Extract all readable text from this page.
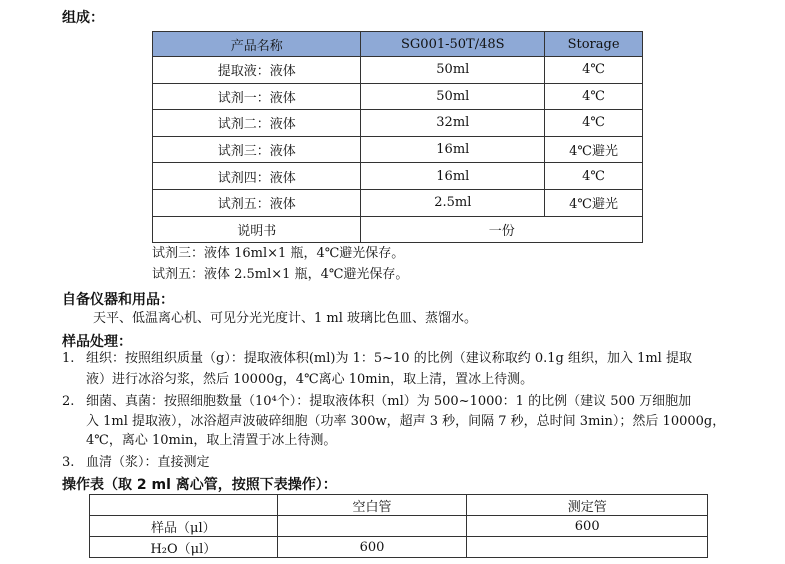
组成：
产品名称	SG001-50T/48S	Storage
提取液：液体	50ml	4℃
试剂一：液体	50ml	4℃
试剂二：液体	32ml	4℃
试剂三：液体	16ml	4℃避光
试剂四：液体	16ml	4℃
试剂五：液体	2.5ml	4℃避光
说明书	一份	
试剂三：液体 16ml×1 瓶，4℃避光保存。
试剂五：液体 2.5ml×1 瓶，4℃避光保存。
自备仪器和用品：
天平、低温离心机、可见分光光度计、1 ml 玻璃比色皿、蒸馏水。
样品处理：
1. 组织：按照组织质量（g）：提取液体积(ml)为 1：5~10 的比例（建议称取约 0.1g 组织，加入 1ml 提取
液）进行冰浴匀浆，然后 10000g，4℃离心 10min，取上清，置冰上待测。
2. 细菌、真菌：按照细胞数量（10⁴个）：提取液体积（ml）为 500~1000：1 的比例（建议 500 万细胞加
入 1ml 提取液），冰浴超声波破碎细胞（功率 300w，超声 3 秒，间隔 7 秒，总时间 3min）；然后 10000g，
4℃，离心 10min，取上清置于冰上待测。
3. 血清（浆）：直接测定
操作表（取 2 ml 离心管，按照下表操作）：
	空白管	测定管
样品（μl）		600
H₂O（μl）	600	
